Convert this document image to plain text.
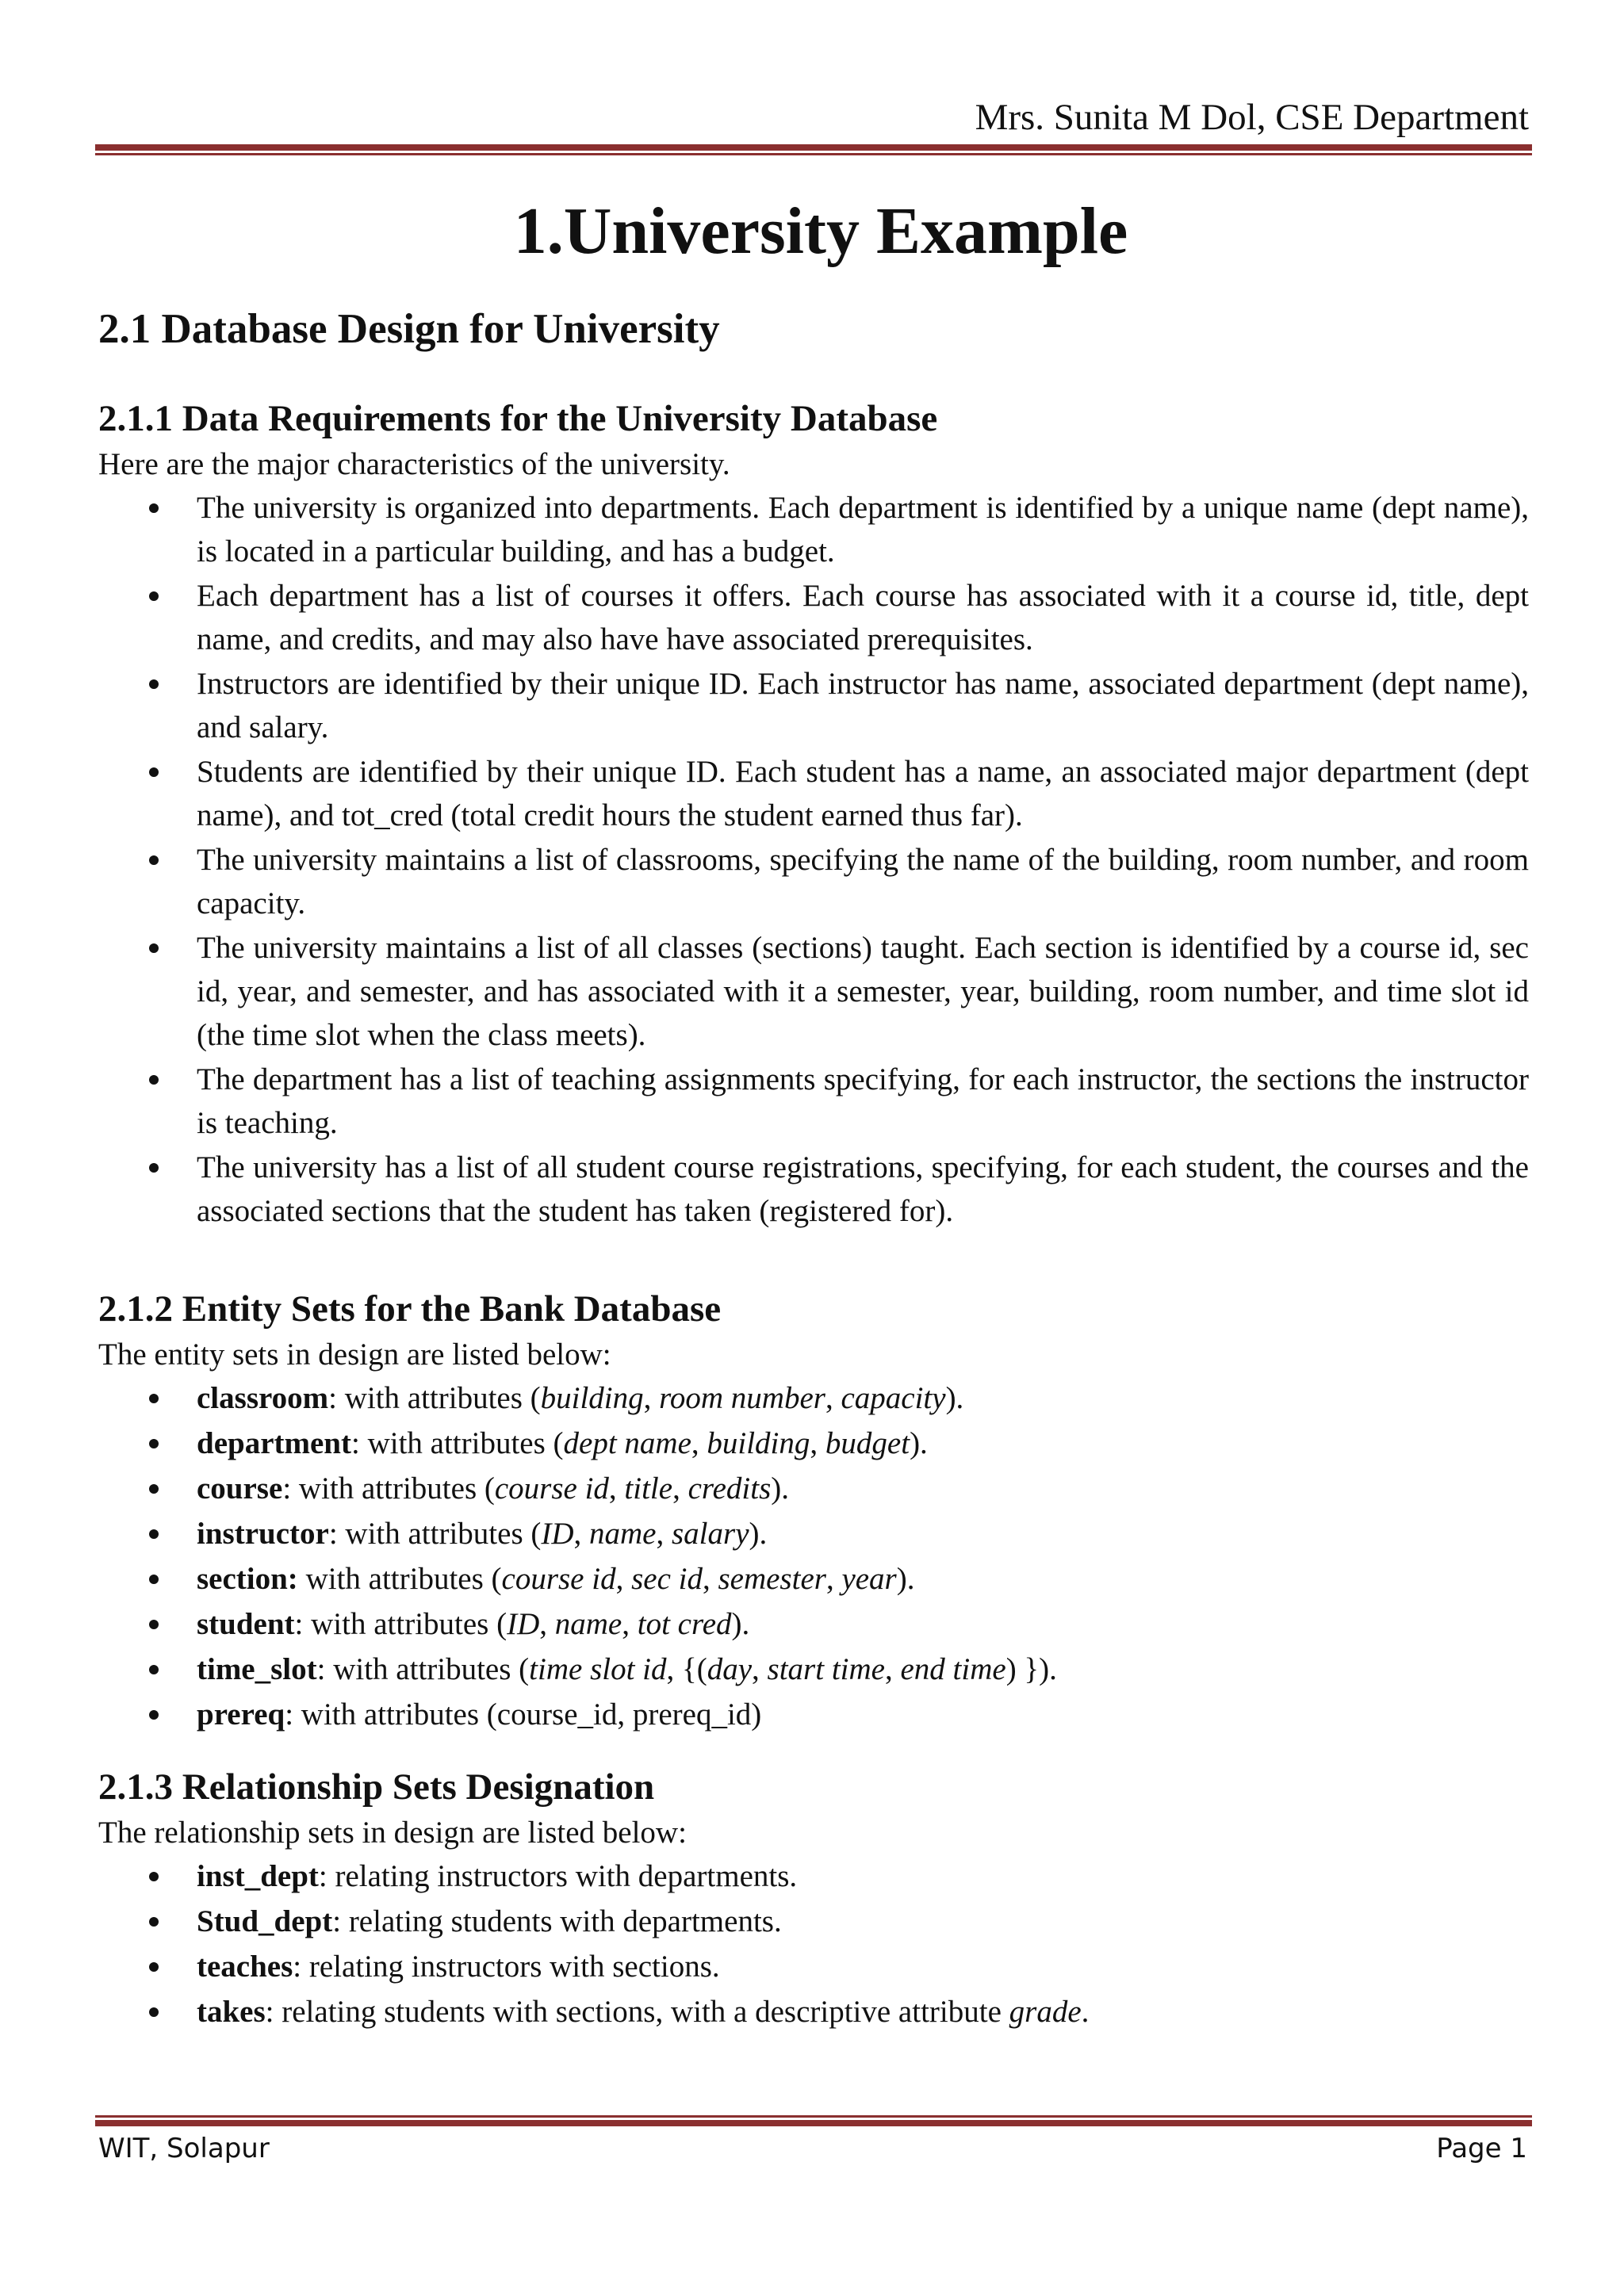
Mrs. Sunita M Dol, CSE Department
1.University Example
2.1 Database Design for University
2.1.1 Data Requirements for the University Database

Here are the major characteristics of the university.

The university is organized into departments. Each department is identified by a unique name (dept name), is located in a particular building, and has a budget.
Each department has a list of courses it offers. Each course has associated with it a course id, title, dept name, and credits, and may also have have associated prerequisites.
Instructors are identified by their unique ID. Each instructor has name, associated department (dept name), and salary.
Students are identified by their unique ID. Each student has a name, an associated major department (dept name), and tot_cred (total credit hours the student earned thus far).
The university maintains a list of classrooms, specifying the name of the building, room number, and room capacity.
The university maintains a list of all classes (sections) taught. Each section is identified by a course id, sec id, year, and semester, and has associated with it a semester, year, building, room number, and time slot id (the time slot when the class meets).
The department has a list of teaching assignments specifying, for each instructor, the sections the instructor is teaching.
The university has a list of all student course registrations, specifying, for each student, the courses and the associated sections that the student has taken (registered for).
2.1.2 Entity Sets for the Bank Database

The entity sets in design are listed below:

classroom: with attributes (building, room number, capacity).
department: with attributes (dept name, building, budget).
course: with attributes (course id, title, credits).
instructor: with attributes (ID, name, salary).
section: with attributes (course id, sec id, semester, year).
student: with attributes (ID, name, tot cred).
time_slot: with attributes (time slot id, {(day, start time, end time) }).
prereq: with attributes (course_id, prereq_id)
2.1.3 Relationship Sets Designation

The relationship sets in design are listed below:

inst_dept: relating instructors with departments.
Stud_dept: relating students with departments.
teaches: relating instructors with sections.
takes: relating students with sections, with a descriptive attribute grade.
WIT, Solapur	Page 1
